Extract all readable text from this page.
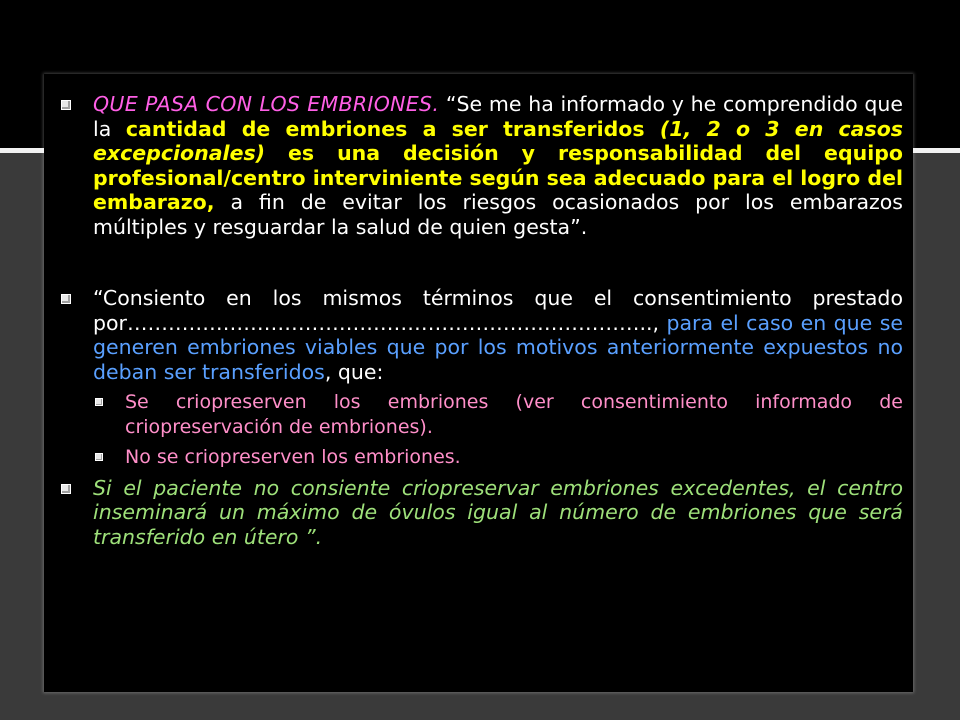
QUE PASA CON LOS EMBRIONES. “Se me ha informado y he comprendido que la cantidad de embriones a ser transferidos (1, 2 o 3 en casos excepcionales) es una decisión y responsabilidad del equipo profesional/centro interviniente según sea adecuado para el logro del embarazo, a fin de evitar los riesgos ocasionados por los embarazos múltiples y resguardar la salud de quien gesta”.
“Consiento en los mismos términos que el consentimiento prestado por………………………………………………………………….., para el caso en que se generen embriones viables que por los motivos anteriormente expuestos no deban ser transferidos, que:
Se criopreserven los embriones (ver consentimiento informado de criopreservación de embriones).
No se criopreserven los embriones.
Si el paciente no consiente criopreservar embriones excedentes, el centro inseminará un máximo de óvulos igual al número de embriones que será transferido en útero ”.
